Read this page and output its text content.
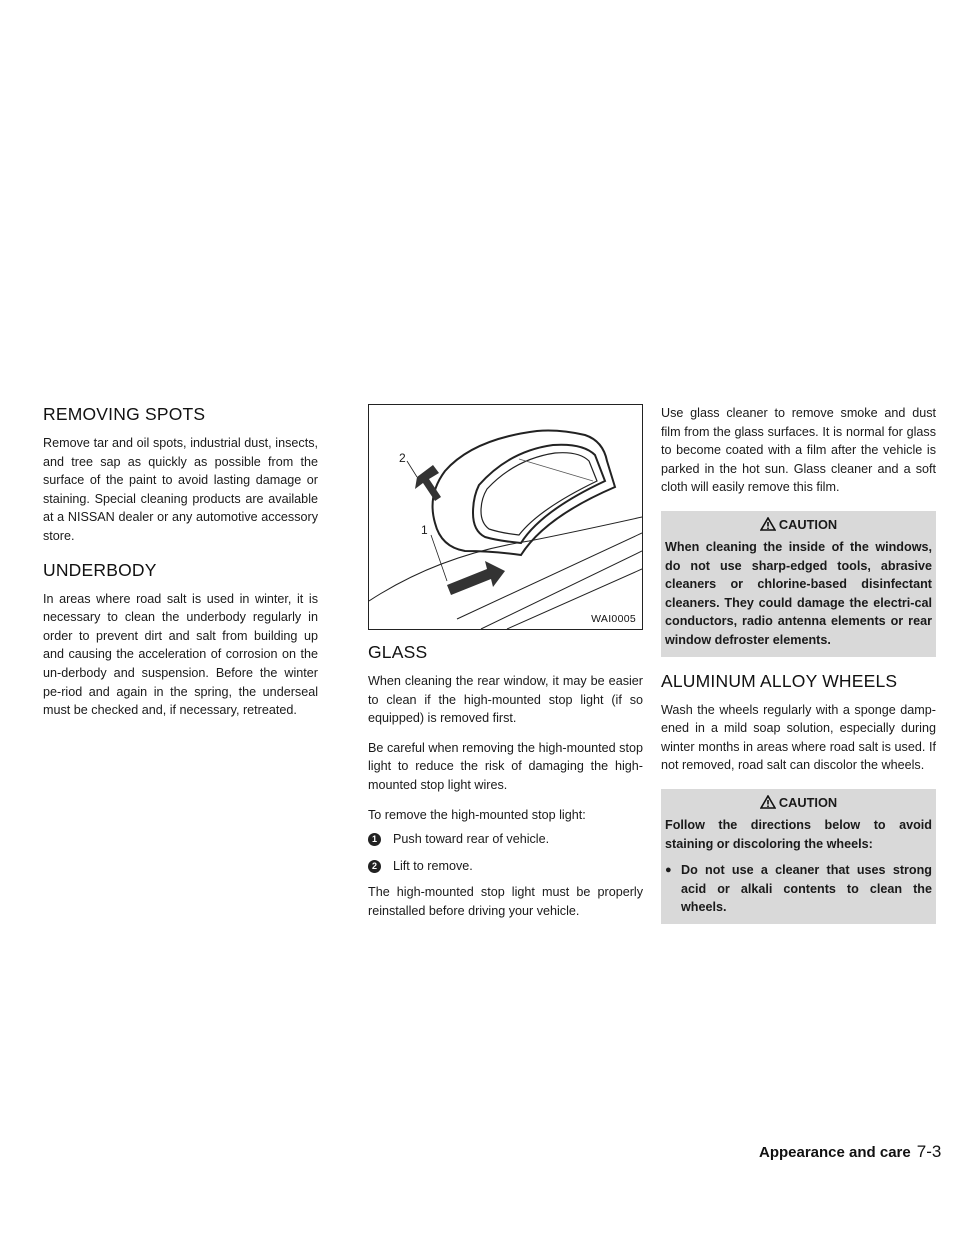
REMOVING SPOTS

Remove tar and oil spots, industrial dust, insects, and tree sap as quickly as possible from the surface of the paint to avoid lasting damage or staining. Special cleaning products are available at a NISSAN dealer or any automotive accessory store.

UNDERBODY

In areas where road salt is used in winter, it is necessary to clean the underbody regularly in order to prevent dirt and salt from building up and causing the acceleration of corrosion on the un-derbody and suspension. Before the winter pe-riod and again in the spring, the underseal must be checked and, if necessary, retreated.

2
1
WAI0005
GLASS

When cleaning the rear window, it may be easier to clean if the high-mounted stop light (if so equipped) is removed first.

Be careful when removing the high-mounted stop light to reduce the risk of damaging the high-mounted stop light wires.

To remove the high-mounted stop light:

1	Push toward rear of vehicle.
2	Lift to remove.

The high-mounted stop light must be properly reinstalled before driving your vehicle.

Use glass cleaner to remove smoke and dust film from the glass surfaces. It is normal for glass to become coated with a film after the vehicle is parked in the hot sun. Glass cleaner and a soft cloth will easily remove this film.

CAUTION
When cleaning the inside of the windows, do not use sharp-edged tools, abrasive cleaners or chlorine-based disinfectant cleaners. They could damage the electri-cal conductors, radio antenna elements or rear window defroster elements.
ALUMINUM ALLOY WHEELS

Wash the wheels regularly with a sponge damp-ened in a mild soap solution, especially during winter months in areas where road salt is used. If not removed, road salt can discolor the wheels.

CAUTION
Follow the directions below to avoid staining or discoloring the wheels:
● Do not use a cleaner that uses strong acid or alkali contents to clean the wheels.
Appearance and care 7-3
